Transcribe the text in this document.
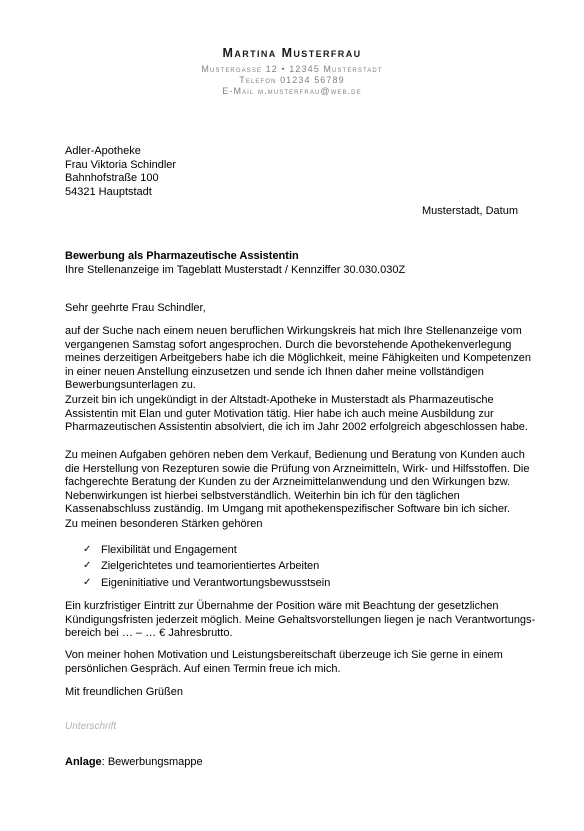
Martina Musterfrau
Mustergasse 12 • 12345 Musterstadt
Telefon 01234 56789
E-Mail m.musterfrau@web.de
Adler-Apotheke
Frau Viktoria Schindler
Bahnhofstraße 100
54321 Hauptstadt
Musterstadt, Datum
Bewerbung als Pharmazeutische Assistentin
Ihre Stellenanzeige im Tageblatt Musterstadt / Kennziffer 30.030.030Z
Sehr geehrte Frau Schindler,
auf der Suche nach einem neuen beruflichen Wirkungskreis hat mich Ihre Stellenanzeige vom
vergangenen Samstag sofort angesprochen. Durch die bevorstehende Apothekenverlegung
meines derzeitigen Arbeitgebers habe ich die Möglichkeit, meine Fähigkeiten und Kompetenzen
in einer neuen Anstellung einzusetzen und sende ich Ihnen daher meine vollständigen
Bewerbungsunterlagen zu.
Zurzeit bin ich ungekündigt in der Altstadt-Apotheke in Musterstadt als Pharmazeutische
Assistentin mit Elan und guter Motivation tätig. Hier habe ich auch meine Ausbildung zur
Pharmazeutischen Assistentin absolviert, die ich im Jahr 2002 erfolgreich abgeschlossen habe.
Zu meinen Aufgaben gehören neben dem Verkauf, Bedienung und Beratung von Kunden auch
die Herstellung von Rezepturen sowie die Prüfung von Arzneimitteln, Wirk- und Hilfsstoffen. Die
fachgerechte Beratung der Kunden zu der Arzneimittelanwendung und den Wirkungen bzw.
Nebenwirkungen ist hierbei selbstverständlich. Weiterhin bin ich für den täglichen
Kassenabschluss zuständig. Im Umgang mit apothekenspezifischer Software bin ich sicher.
Zu meinen besonderen Stärken gehören
✓ Flexibilität und Engagement
✓ Zielgerichtetes und teamorientiertes Arbeiten
✓ Eigeninitiative und Verantwortungsbewusstsein
Ein kurzfristiger Eintritt zur Übernahme der Position wäre mit Beachtung der gesetzlichen
Kündigungsfristen jederzeit möglich. Meine Gehaltsvorstellungen liegen je nach Verantwortungs-
bereich bei … – … € Jahresbrutto.
Von meiner hohen Motivation und Leistungsbereitschaft überzeuge ich Sie gerne in einem
persönlichen Gespräch. Auf einen Termin freue ich mich.
Mit freundlichen Grüßen
Unterschrift
Anlage: Bewerbungsmappe
